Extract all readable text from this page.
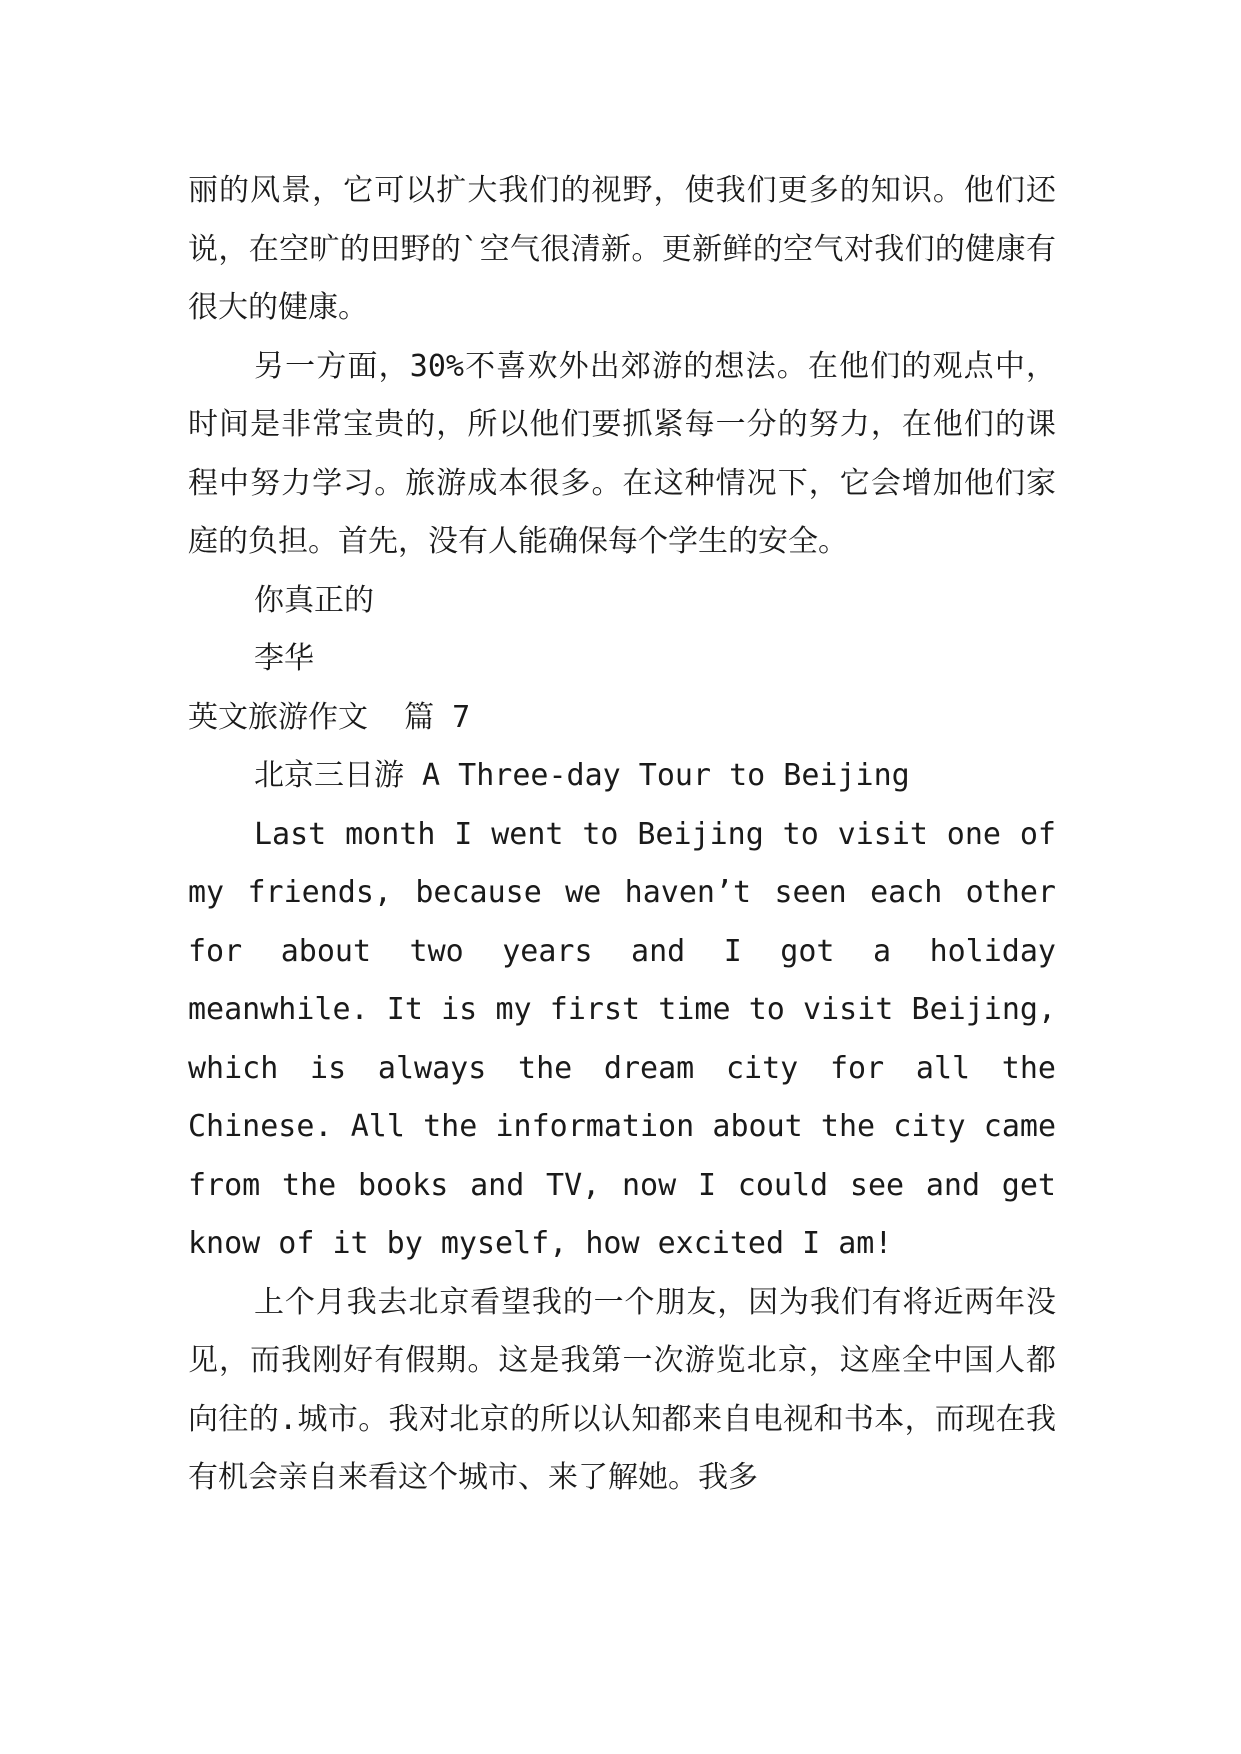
丽的风景，它可以扩大我们的视野，使我们更多的知识。他们还说，在空旷的田野的`空气很清新。更新鲜的空气对我们的健康有很大的健康。

另一方面，30%不喜欢外出郊游的想法。在他们的观点中，时间是非常宝贵的，所以他们要抓紧每一分的努力，在他们的课程中努力学习。旅游成本很多。在这种情况下，它会增加他们家庭的负担。首先，没有人能确保每个学生的安全。

你真正的

李华

英文旅游作文  篇 7

北京三日游 A Three-day Tour to Beijing

Last month I went to Beijing to visit one of my friends, because we haven’t seen each other for about two years and I got a holiday meanwhile. It is my first time to visit Beijing, which is always the dream city for all the Chinese. All the information about the city came from the books and TV, now I could see and get know of it by myself, how excited I am!

上个月我去北京看望我的一个朋友，因为我们有将近两年没见，而我刚好有假期。这是我第一次游览北京，这座全中国人都向往的.城市。我对北京的所以认知都来自电视和书本，而现在我有机会亲自来看这个城市、来了解她。我多
